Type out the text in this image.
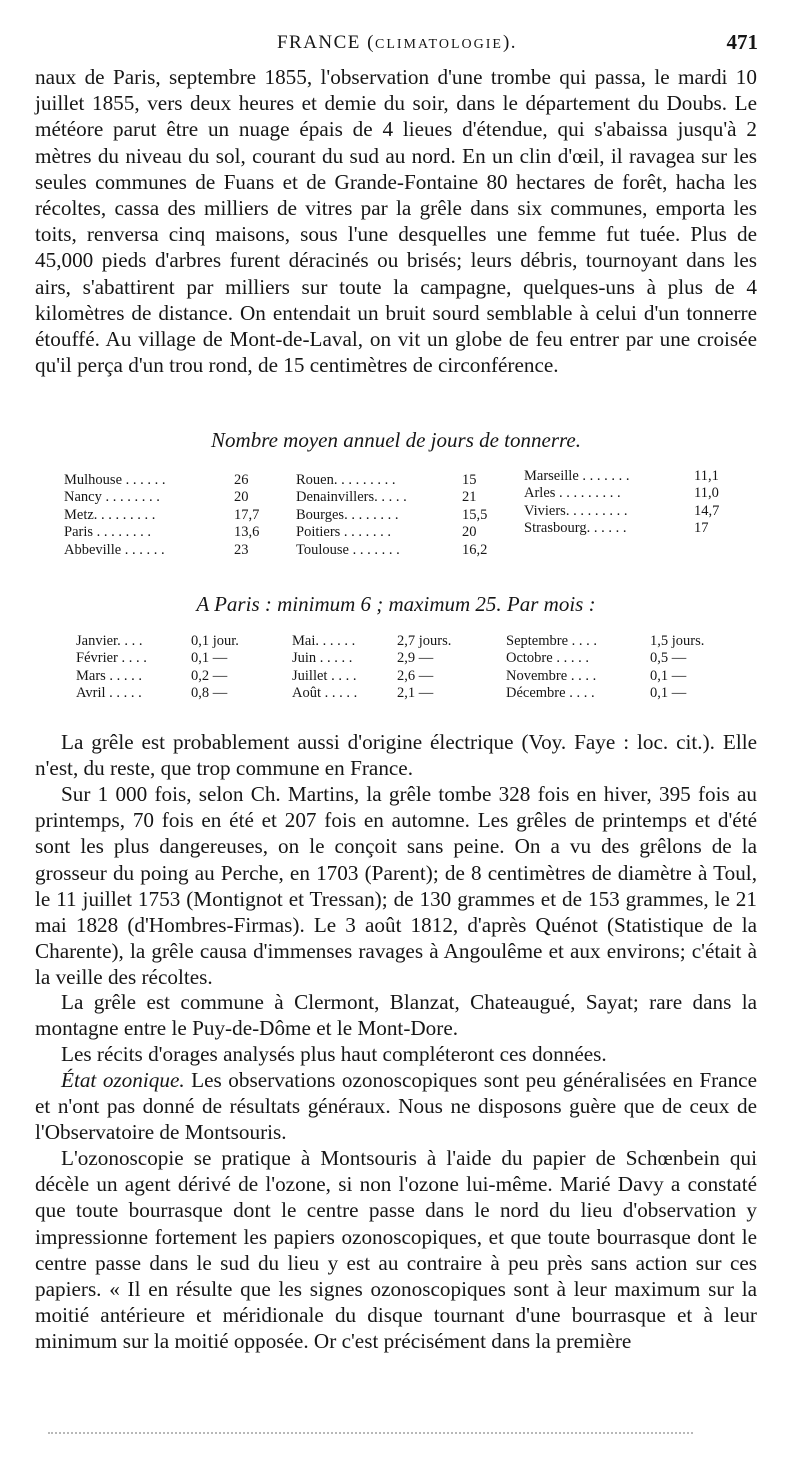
FRANCE (CLIMATOLOGIE).	471

naux de Paris, septembre 1855, l'observation d'une trombe qui passa, le mardi 10 juillet 1855, vers deux heures et demie du soir, dans le département du Doubs. Le météore parut être un nuage épais de 4 lieues d'étendue, qui s'abaissa jusqu'à 2 mètres du niveau du sol, courant du sud au nord. En un clin d'œil, il ravagea sur les seules communes de Fuans et de Grande-Fontaine 80 hectares de forêt, hacha les récoltes, cassa des milliers de vitres par la grêle dans six communes, emporta les toits, renversa cinq maisons, sous l'une desquelles une femme fut tuée. Plus de 45,000 pieds d'arbres furent déracinés ou brisés; leurs débris, tournoyant dans les airs, s'abattirent par milliers sur toute la campagne, quelques-uns à plus de 4 kilomètres de distance. On entendait un bruit sourd semblable à celui d'un tonnerre étouffé. Au village de Mont-de-Laval, on vit un globe de feu entrer par une croisée qu'il perça d'un trou rond, de 15 centimètres de circonférence.

Nombre moyen annuel de jours de tonnerre.

Mulhouse . . . . . .	26
Nancy . . . . . . . .	20
Metz. . . . . . . . .	17,7
Paris . . . . . . . .	13,6
Abbeville . . . . . .	23
Rouen. . . . . . . . .	15
Denainvillers. . . . .	21
Bourges. . . . . . . .	15,5
Poitiers . . . . . . .	20
Toulouse . . . . . . .	16,2
Marseille . . . . . . .	11,1
Arles . . . . . . . . .	11,0
Viviers. . . . . . . . .	14,7
Strasbourg. . . . . .	17

A Paris : minimum 6 ; maximum 25. Par mois :

Janvier. . . .	0,1 jour.
Février . . . .	0,1 —
Mars . . . . .	0,2 —
Avril . . . . .	0,8 —
Mai. . . . . .	2,7 jours.
Juin . . . . .	2,9 —
Juillet . . . .	2,6 —
Août . . . . .	2,1 —
Septembre . . . .	1,5 jours.
Octobre . . . . .	0,5 —
Novembre . . . .	0,1 —
Décembre . . . .	0,1 —

La grêle est probablement aussi d'origine électrique (Voy. Faye : loc. cit.). Elle n'est, du reste, que trop commune en France.

Sur 1 000 fois, selon Ch. Martins, la grêle tombe 328 fois en hiver, 395 fois au printemps, 70 fois en été et 207 fois en automne. Les grêles de printemps et d'été sont les plus dangereuses, on le conçoit sans peine. On a vu des grêlons de la grosseur du poing au Perche, en 1703 (Parent); de 8 centimètres de diamètre à Toul, le 11 juillet 1753 (Montignot et Tressan); de 130 grammes et de 153 grammes, le 21 mai 1828 (d'Hombres-Firmas). Le 3 août 1812, d'après Quénot (Statistique de la Charente), la grêle causa d'immenses ravages à Angoulême et aux environs; c'était à la veille des récoltes.

La grêle est commune à Clermont, Blanzat, Chateaugué, Sayat; rare dans la montagne entre le Puy-de-Dôme et le Mont-Dore.

Les récits d'orages analysés plus haut compléteront ces données.

État ozonique. Les observations ozonoscopiques sont peu généralisées en France et n'ont pas donné de résultats généraux. Nous ne disposons guère que de ceux de l'Observatoire de Montsouris.

L'ozonoscopie se pratique à Montsouris à l'aide du papier de Schœnbein qui décèle un agent dérivé de l'ozone, si non l'ozone lui-même. Marié Davy a constaté que toute bourrasque dont le centre passe dans le nord du lieu d'observation y impressionne fortement les papiers ozonoscopiques, et que toute bourrasque dont le centre passe dans le sud du lieu y est au contraire à peu près sans action sur ces papiers. « Il en résulte que les signes ozonoscopiques sont à leur maximum sur la moitié antérieure et méridionale du disque tournant d'une bourrasque et à leur minimum sur la moitié opposée. Or c'est précisément dans la première
